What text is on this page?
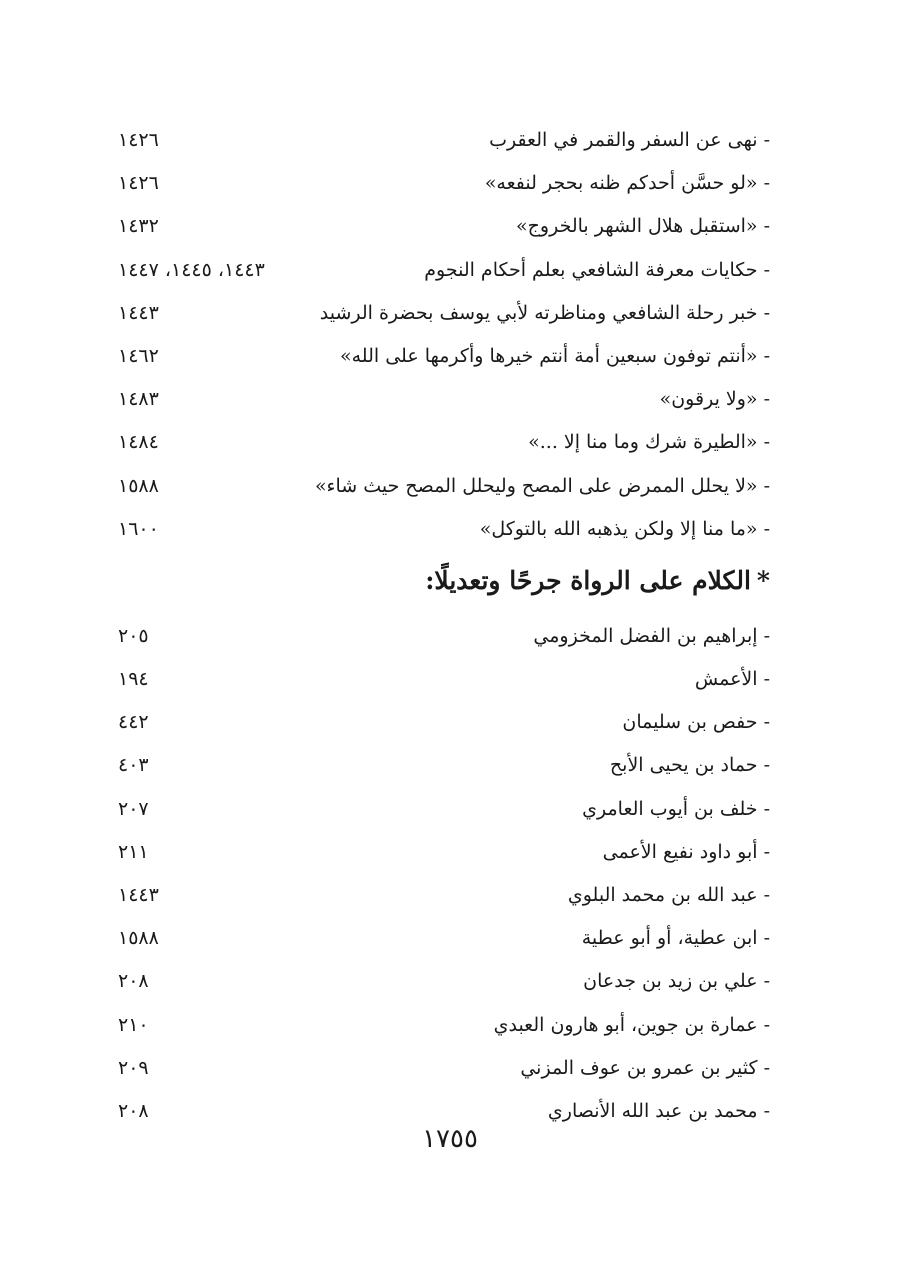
- نهى عن السفر والقمر في العقرب
١٤٢٦
- «لو حسَّن أحدكم ظنه بحجر لنفعه»
١٤٢٦
- «استقبل هلال الشهر بالخروج»
١٤٣٢
- حكايات معرفة الشافعي بعلم أحكام النجوم
١٤٤٣، ١٤٤٥، ١٤٤٧
- خبر رحلة الشافعي ومناظرته لأبي يوسف بحضرة الرشيد
١٤٤٣
- «أنتم توفون سبعين أمة أنتم خيرها وأكرمها على الله»
١٤٦٢
- «ولا يرقون»
١٤٨٣
- «الطيرة شرك وما منا إلا ...»
١٤٨٤
- «لا يحلل الممرض على المصح وليحلل المصح حيث شاء»
١٥٨٨
- «ما منا إلا ولكن يذهبه الله بالتوكل»
١٦٠٠
*الكلام على الرواة جرحًا وتعديلًا:
- إبراهيم بن الفضل المخزومي
٢٠٥
- الأعمش
١٩٤
- حفص بن سليمان
٤٤٢
- حماد بن يحيى الأبح
٤٠٣
- خلف بن أيوب العامري
٢٠٧
- أبو داود نفيع الأعمى
٢١١
- عبد الله بن محمد البلوي
١٤٤٣
- ابن عطية، أو أبو عطية
١٥٨٨
- علي بن زيد بن جدعان
٢٠٨
- عمارة بن جوين، أبو هارون العبدي
٢١٠
- كثير بن عمرو بن عوف المزني
٢٠٩
- محمد بن عبد الله الأنصاري
٢٠٨
١٧٥٥
